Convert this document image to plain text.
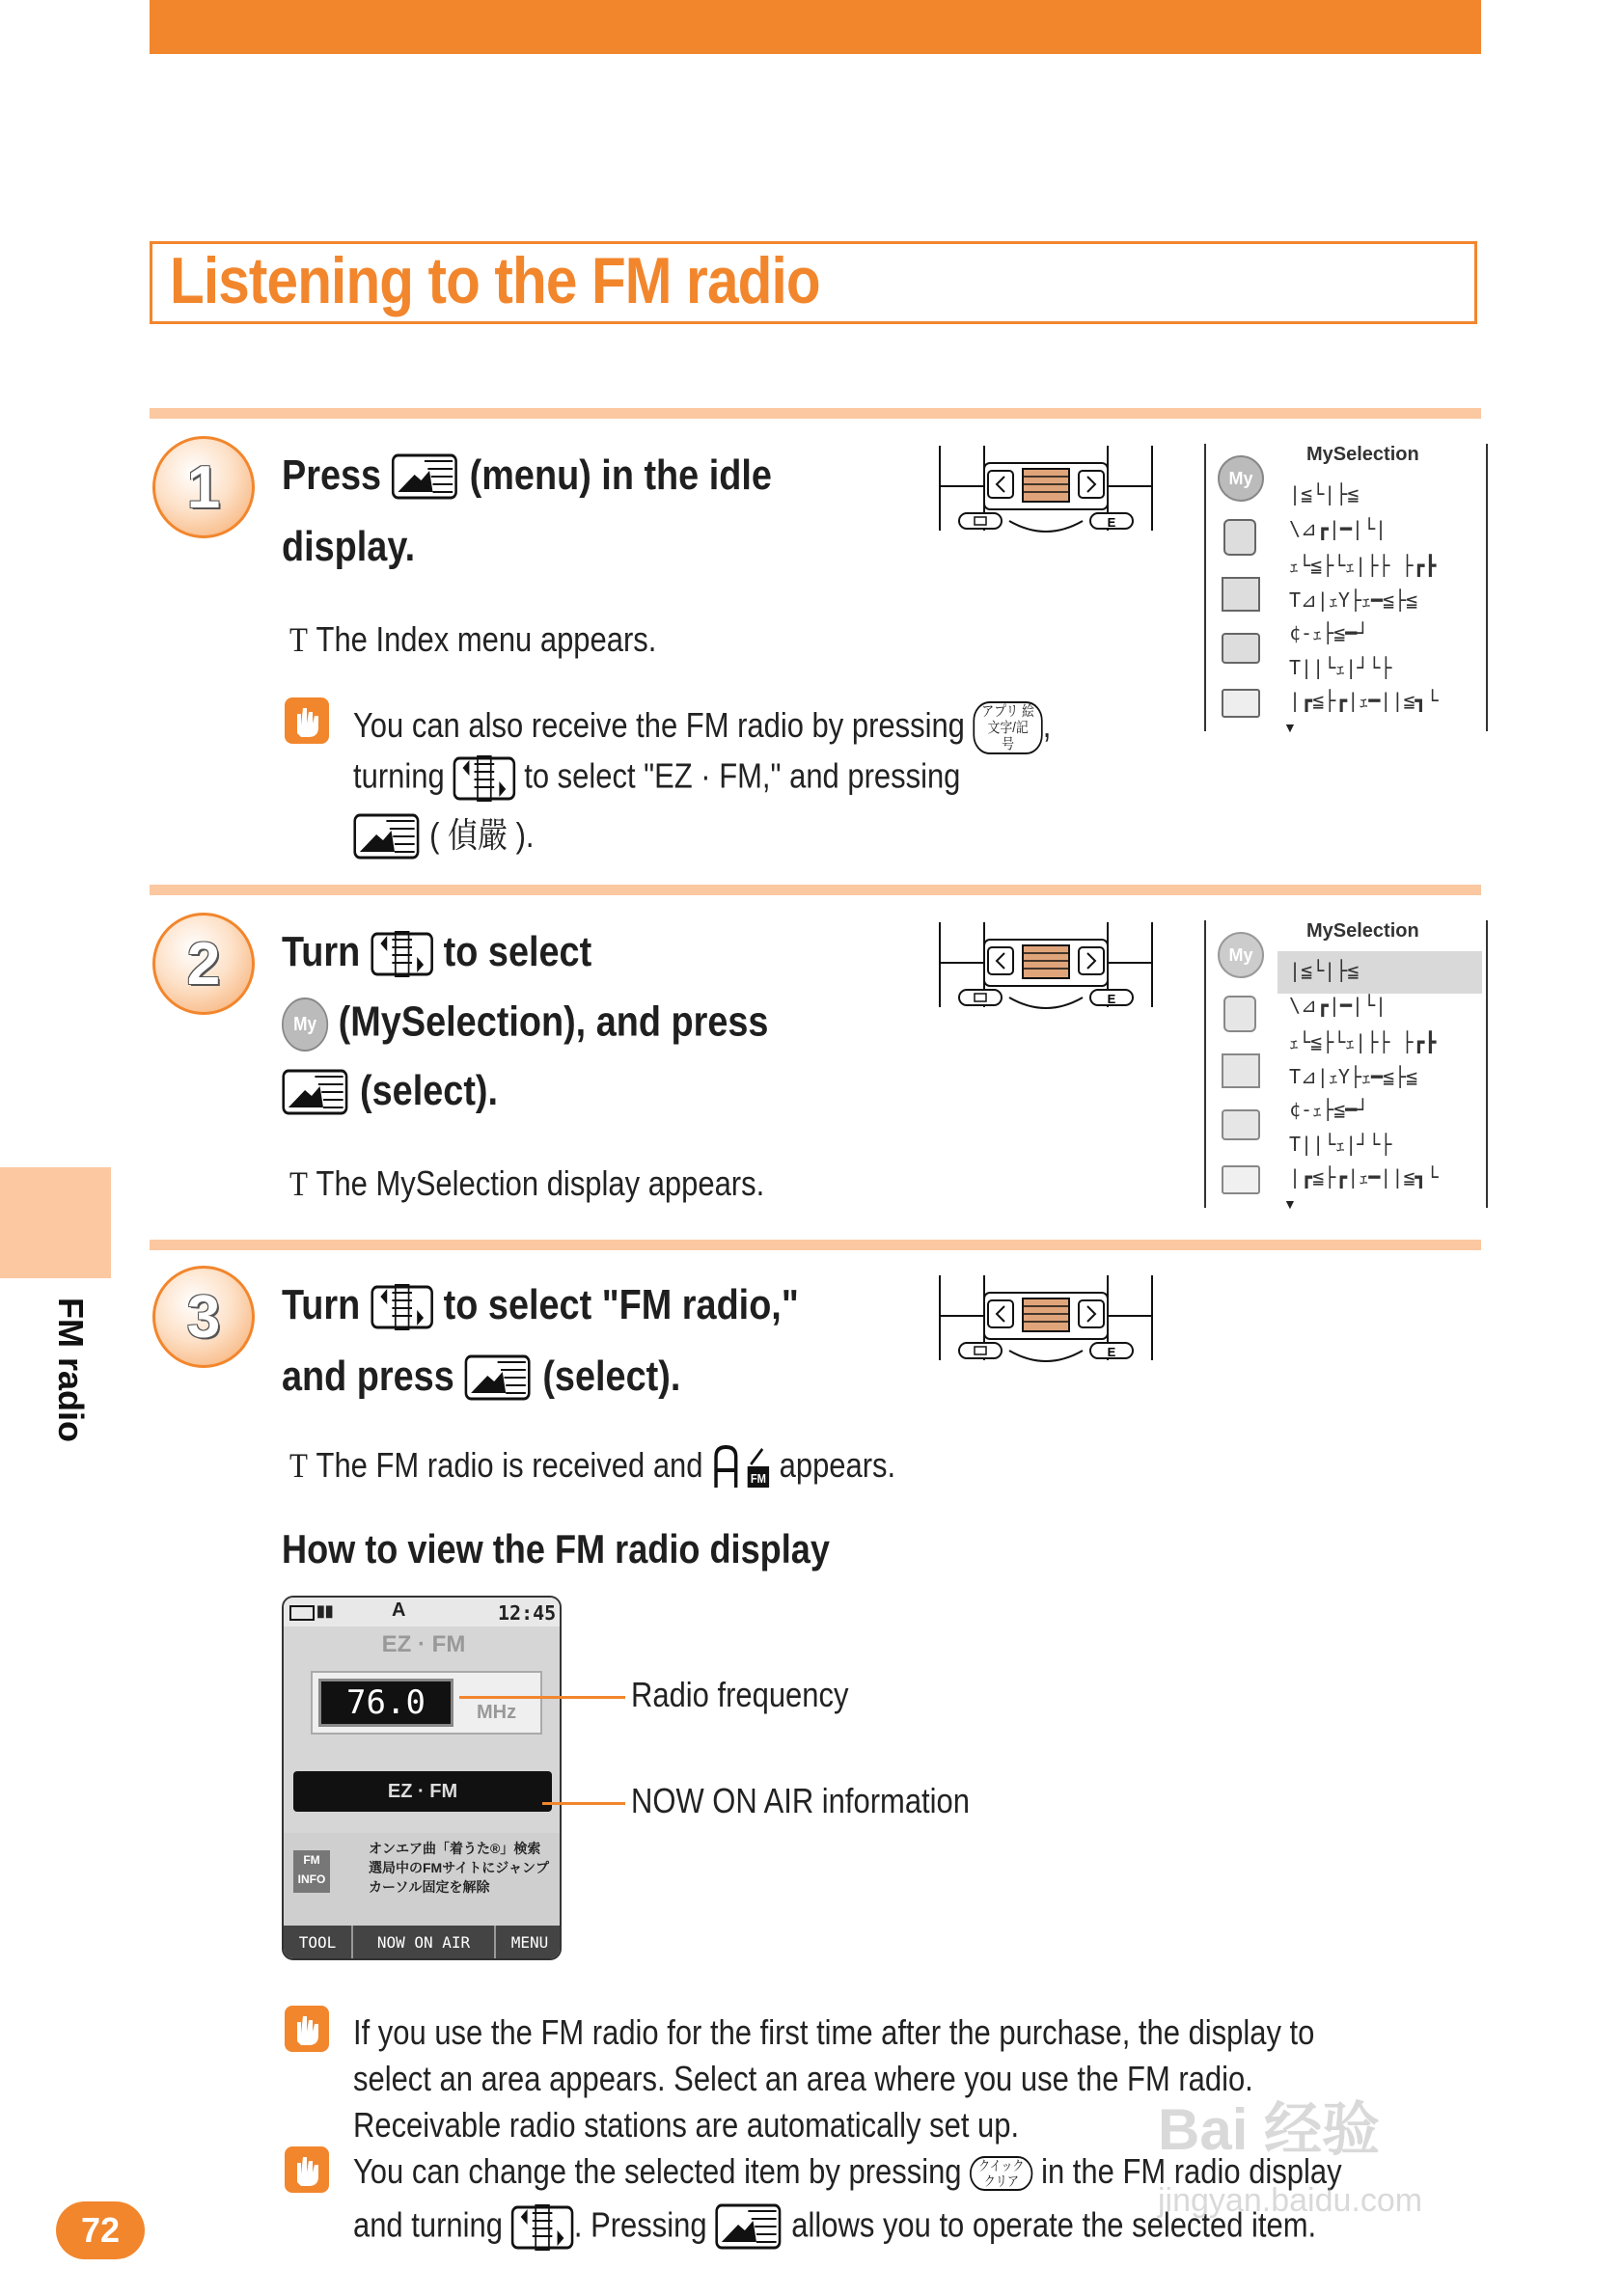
Listening to the FM radio
FM radio
1 Press (menu) in the idle
display.
T The Index menu appears.
You can also receive the FM radio by pressing アプリ 絵文字/記号 ,
turning to select "EZ · FM," and pressing
( 偵嚴 ).
MySelection
My
|≦└|├≦
\⊿┏|━|└|
ｪ└≦├└ｪ|├├ ├┏┣
T⊿|ｪY├ｪ━≦├≦
¢-ｪ├≦━┘
T||└ｪ|┘└├
|┏≦├┏|ｪ━||≦┓└
▼
2 Turn to select
My (MySelection), and press
(select).
T The MySelection display appears.
MySelection
My
|≦└|├≦
\⊿┏|━|└|
ｪ└≦├└ｪ|├├ ├┏┣
T⊿|ｪY├ｪ━≦├≦
¢-ｪ├≦━┘
T||└ｪ|┘└├
|┏≦├┏|ｪ━||≦┓└
▼
3 Turn to select "FM radio,"
and press (select).
T The FM radio is received and	FM appears.
How to view the FM radio display
▮▮	A	12:45
EZ · FM
76.0	MHz
EZ · FM
FM INFO
オンエア曲「着うた®」検索
選局中のFMサイトにジャンプ
カーソル固定を解除
TOOL	NOW ON AIR	MENU
Radio frequency
NOW ON AIR information
If you use the FM radio for the first time after the purchase, the display to
select an area appears. Select an area where you use the FM radio.
Receivable radio stations are automatically set up.
You can change the selected item by pressing クイック クリア in the FM radio display
and turning . Pressing allows you to operate the selected item.
72
Bai 经验
jingyan.baidu.com
